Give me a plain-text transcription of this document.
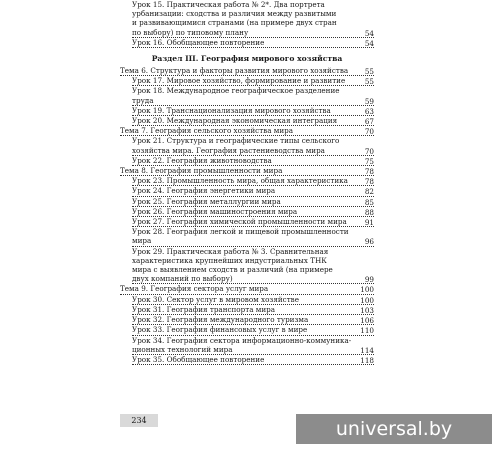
Урок 15. Практическая работа № 2*. Два портрета
урбанизации: сходства и различия между развитыми
и развивающимися странами (на примере двух стран
по выбору) по типовому плану	54
Урок 16. Обобщающее повторение	54
Раздел III. География мирового хозяйства
Тема 6. Структура и факторы развития мирового хозяйства	55
Урок 17. Мировое хозяйство, формирование и развитие	55
Урок 18. Международное географическое разделение труда	59
Урок 19. Транснационализация мирового хозяйства	63
Урок 20. Международная экономическая интеграция	67
Тема 7. География сельского хозяйства мира	70
Урок 21. Структура и географические типы сельского
хозяйства мира. География растениеводства мира	70
Урок 22. География животноводства	75
Тема 8. География промышленности мира	78
Урок 23. Промышленность мира, общая характеристика	78
Урок 24. География энергетики мира	82
Урок 25. География металлургии мира	85
Урок 26. География машиностроения мира	88
Урок 27. География химической промышленности мира	91
Урок 28. География легкой и пищевой промышленности мира	96
Урок 29. Практическая работа № 3. Сравнительная
характеристика крупнейших индустриальных ТНК
мира с выявлением сходств и различий (на примере
двух компаний по выбору)	99
Тема 9. География сектора услуг мира	100
Урок 30. Сектор услуг в мировом хозяйстве	100
Урок 31. География транспорта мира	103
Урок 32. География международного туризма	106
Урок 33. География финансовых услуг в мире	110
Урок 34. География сектора информационно-коммуника-
ционных технологий мира	114
Урок 35. Обобщающее повторение	118
234	universal.by
